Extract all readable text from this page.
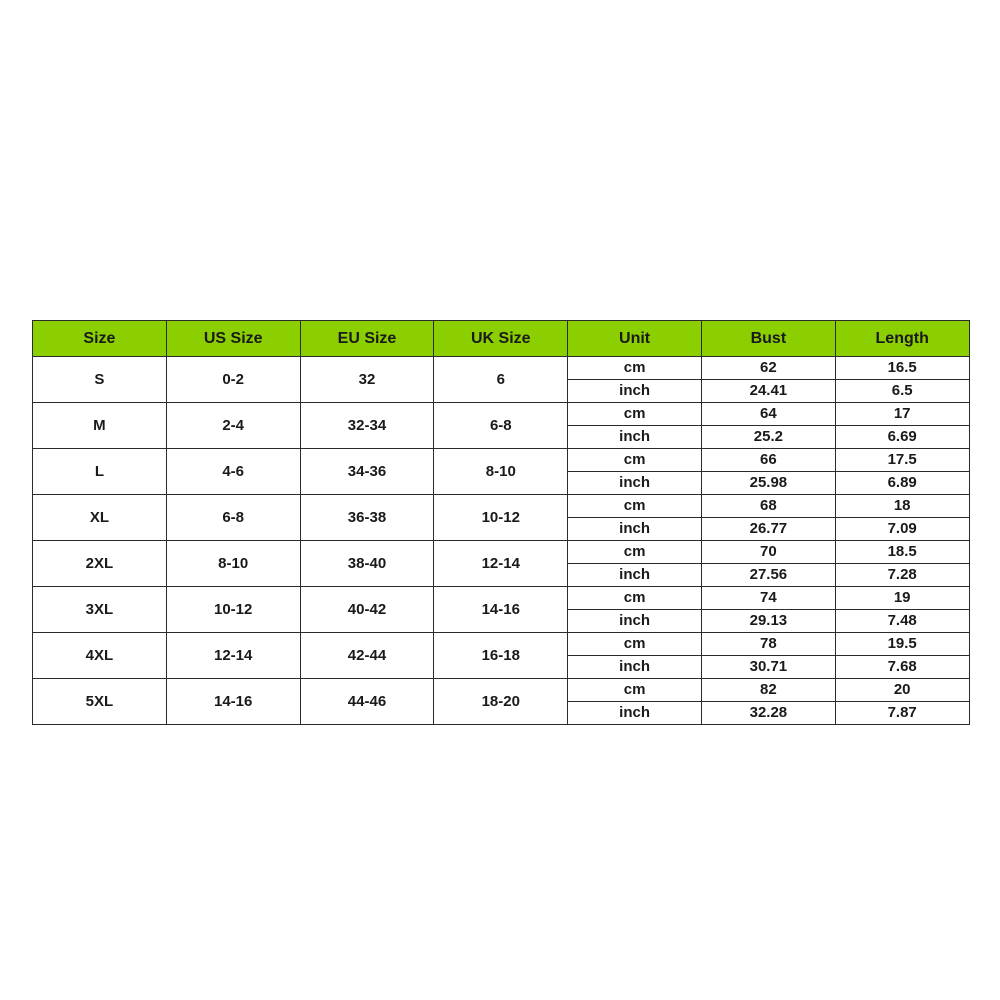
Size	US Size	EU Size	UK Size	Unit	Bust	Length
S	0-2	32	6	cm	62	16.5
				inch	24.41	6.5
M	2-4	32-34	6-8	cm	64	17
				inch	25.2	6.69
L	4-6	34-36	8-10	cm	66	17.5
				inch	25.98	6.89
XL	6-8	36-38	10-12	cm	68	18
				inch	26.77	7.09
2XL	8-10	38-40	12-14	cm	70	18.5
				inch	27.56	7.28
3XL	10-12	40-42	14-16	cm	74	19
				inch	29.13	7.48
4XL	12-14	42-44	16-18	cm	78	19.5
				inch	30.71	7.68
5XL	14-16	44-46	18-20	cm	82	20
				inch	32.28	7.87
